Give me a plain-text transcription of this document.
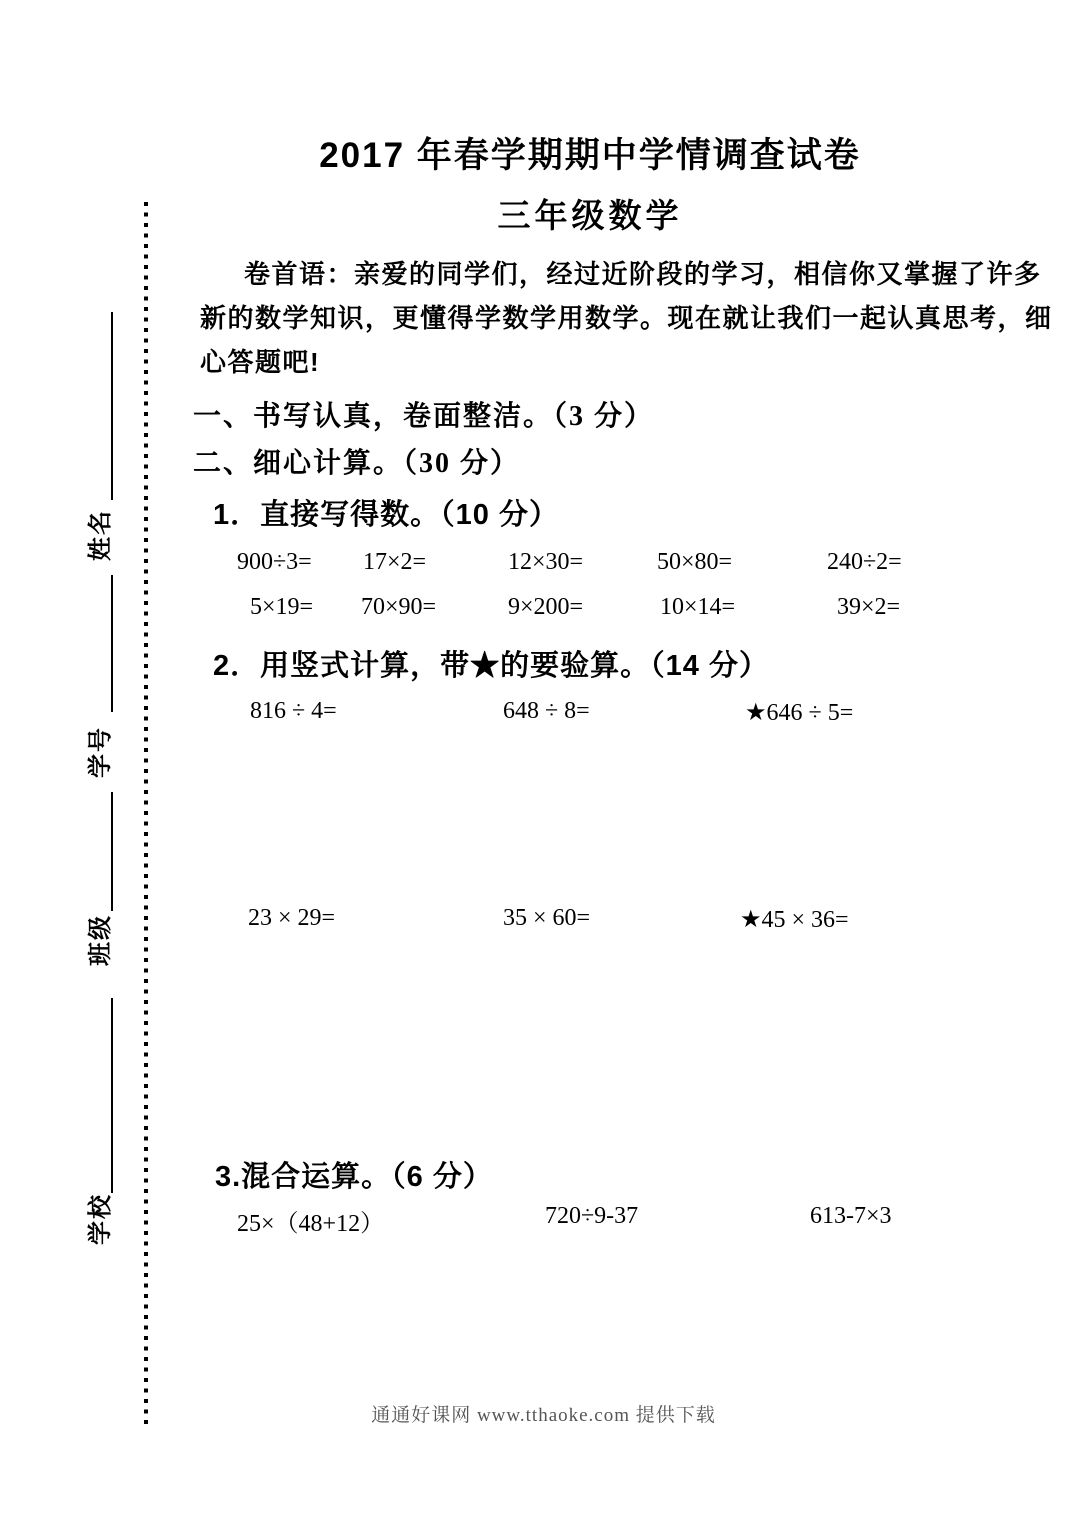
姓名
学号
班级
学校
2017 年春学期期中学情调查试卷
三年级数学
卷首语：亲爱的同学们，经过近阶段的学习，相信你又掌握了许多
新的数学知识，更懂得学数学用数学。现在就让我们一起认真思考，细
心答题吧!
一、书写认真，卷面整洁。（3 分）
二、细心计算。（30 分）
1．直接写得数。（10 分）
900÷3= 17×2=	12×30=	50×80=	240÷2=
5×19= 70×90=	9×200=	10×14=	39×2=
2．用竖式计算，带★的要验算。（14 分）
816 ÷ 4=	648 ÷ 8=	★646 ÷ 5=
23 × 29=	35 × 60=	★45 × 36=
3.混合运算。（6 分）
25×（48+12）	720÷9-37	613-7×3
通通好课网 www.tthaoke.com 提供下载
